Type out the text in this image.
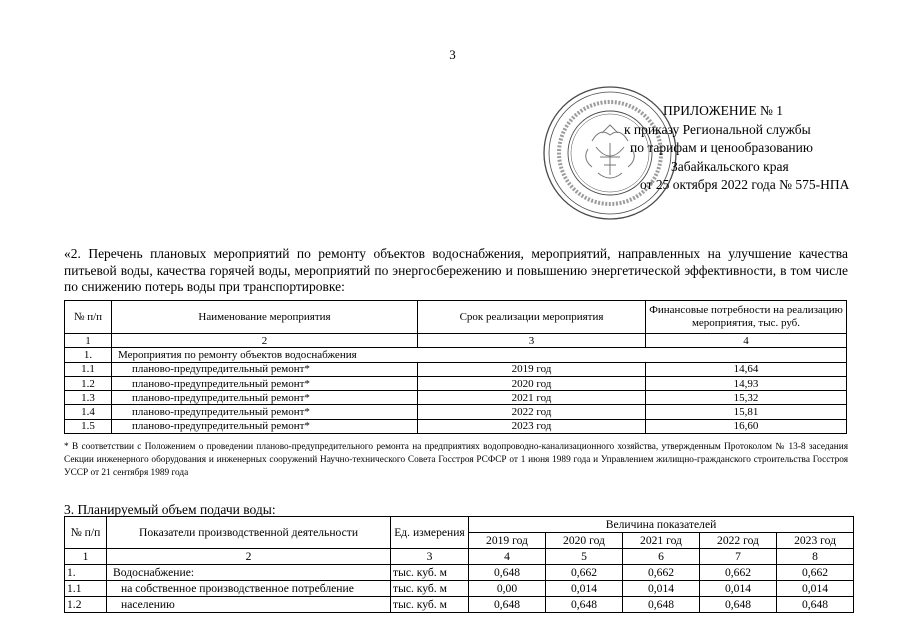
3
ПРИЛОЖЕНИЕ № 1
к приказу Региональной службы
по тарифам и ценообразованию
Забайкальского края
от 25 октября 2022 года № 575-НПА
«2. Перечень плановых мероприятий по ремонту объектов водоснабжения, мероприятий, направленных на улучшение качества питьевой воды, качества горячей воды, мероприятий по энергосбережению и повышению энергетической эффективности, в том числе по снижению потерь воды при транспортировке:
№ п/п	Наименование мероприятия	Срок реализации мероприятия	Финансовые потребности на реализацию мероприятия, тыс. руб.
1	2	3	4
1.	Мероприятия по ремонту объектов водоснабжения		
1.1	планово-предупредительный ремонт*	2019 год	14,64
1.2	планово-предупредительный ремонт*	2020 год	14,93
1.3	планово-предупредительный ремонт*	2021 год	15,32
1.4	планово-предупредительный ремонт*	2022 год	15,81
1.5	планово-предупредительный ремонт*	2023 год	16,60
* В соответствии с Положением о проведении планово-предупредительного ремонта на предприятиях водопроводно-канализационного хозяйства, утвержденным Протоколом № 13-8 заседания Секции инженерного оборудования и инженерных сооружений Научно-технического Совета Госстроя РСФСР от 1 июня 1989 года и Управлением жилищно-гражданского строительства Госстроя УССР от 21 сентября 1989 года
3. Планируемый объем подачи воды:
№ п/п	Показатели производственной деятельности	Ед. измерения	Величина показателей				
			2019 год	2020 год	2021 год	2022 год	2023 год
1	2	3	4	5	6	7	8
1.	Водоснабжение:	тыс. куб. м	0,648	0,662	0,662	0,662	0,662
1.1	на собственное производственное потребление	тыс. куб. м	0,00	0,014	0,014	0,014	0,014
1.2	населению	тыс. куб. м	0,648	0,648	0,648	0,648	0,648
